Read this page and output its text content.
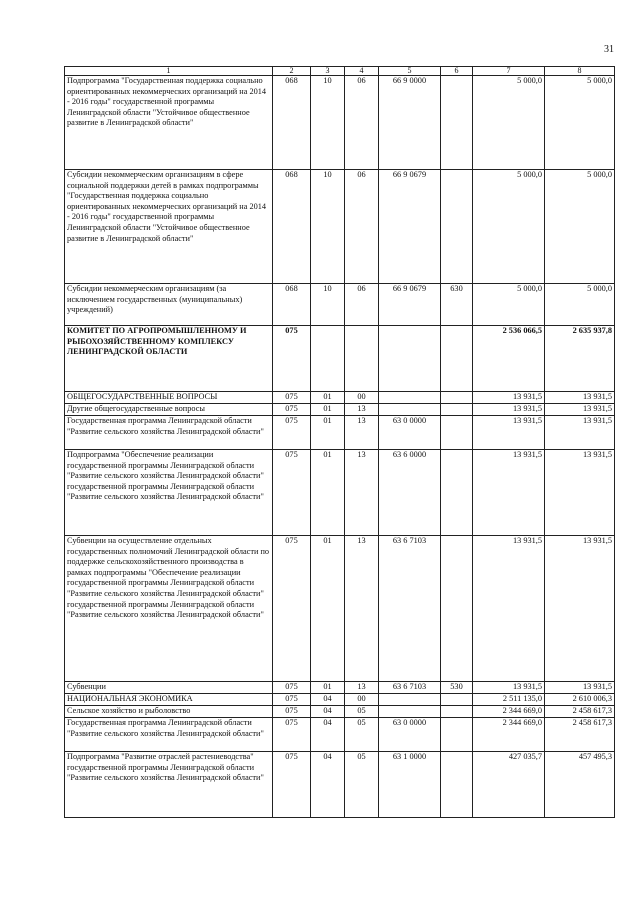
31
1	2	3	4	5	6	7	8
Подпрограмма "Государственная поддержка социально ориентированных некоммерческих организаций на 2014 - 2016 годы" государственной программы Ленинградской области "Устойчивое общественное развитие в Ленинградской области"	068	10	06	66 9 0000		5 000,0	5 000,0
Субсидии некоммерческим организациям в сфере социальной поддержки детей в рамках подпрограммы "Государственная поддержка социально ориентированных некоммерческих организаций на 2014 - 2016 годы" государственной программы Ленинградской области "Устойчивое общественное развитие в Ленинградской области"	068	10	06	66 9 0679		5 000,0	5 000,0
Субсидии некоммерческим организациям (за исключением государственных (муниципальных) учреждений)	068	10	06	66 9 0679	630	5 000,0	5 000,0
КОМИТЕТ ПО АГРОПРОМЫШЛЕННОМУ И РЫБОХОЗЯЙСТВЕННОМУ КОМПЛЕКСУ ЛЕНИНГРАДСКОЙ ОБЛАСТИ	075					2 536 066,5	2 635 937,8
ОБЩЕГОСУДАРСТВЕННЫЕ ВОПРОСЫ	075	01	00			13 931,5	13 931,5
Другие общегосударственные вопросы	075	01	13			13 931,5	13 931,5
Государственная программа Ленинградской области "Развитие сельского хозяйства Ленинградской области"	075	01	13	63 0 0000		13 931,5	13 931,5
Подпрограмма "Обеспечение реализации государственной программы Ленинградской области "Развитие сельского хозяйства Ленинградской области" государственной программы Ленинградской области "Развитие сельского хозяйства Ленинградской области"	075	01	13	63 6 0000		13 931,5	13 931,5
Субвенции на осуществление отдельных государственных полномочий Ленинградской области по поддержке сельскохозяйственного производства в рамках подпрограммы "Обеспечение реализации государственной программы Ленинградской области "Развитие сельского хозяйства Ленинградской области" государственной программы Ленинградской области "Развитие сельского хозяйства Ленинградской области"	075	01	13	63 6 7103		13 931,5	13 931,5
Субвенции	075	01	13	63 6 7103	530	13 931,5	13 931,5
НАЦИОНАЛЬНАЯ ЭКОНОМИКА	075	04	00			2 511 135,0	2 610 006,3
Сельское хозяйство и рыболовство	075	04	05			2 344 669,0	2 458 617,3
Государственная программа Ленинградской области "Развитие сельского хозяйства Ленинградской области"	075	04	05	63 0 0000		2 344 669,0	2 458 617,3
Подпрограмма "Развитие отраслей растениеводства" государственной программы Ленинградской области "Развитие сельского хозяйства Ленинградской области"	075	04	05	63 1 0000		427 035,7	457 495,3
